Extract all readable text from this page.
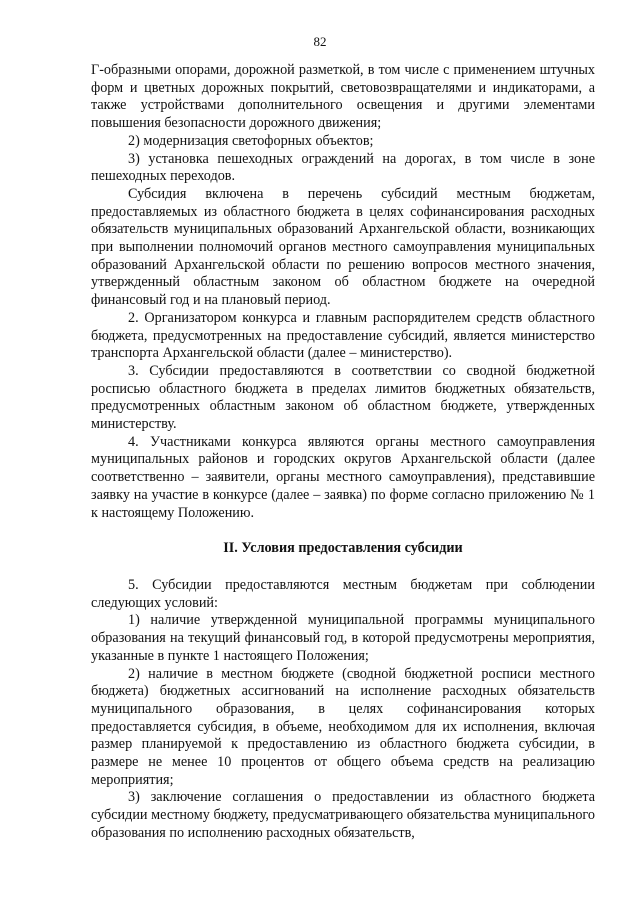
82

Г-образными опорами, дорожной разметкой, в том числе с применением штучных форм и цветных дорожных покрытий, световозвращателями и индикаторами, а также устройствами дополнительного освещения и другими элементами повышения безопасности дорожного движения;

2) модернизация светофорных объектов;

3) установка пешеходных ограждений на дорогах, в том числе в зоне пешеходных переходов.

Субсидия включена в перечень субсидий местным бюджетам, предоставляемых из областного бюджета в целях софинансирования расходных обязательств муниципальных образований Архангельской области, возникающих при выполнении полномочий органов местного самоуправления муниципальных образований Архангельской области по решению вопросов местного значения, утвержденный областным законом об областном бюджете на очередной финансовый год и на плановый период.

2. Организатором конкурса и главным распорядителем средств областного бюджета, предусмотренных на предоставление субсидий, является министерство транспорта Архангельской области (далее – министерство).

3. Субсидии предоставляются в соответствии со сводной бюджетной росписью областного бюджета в пределах лимитов бюджетных обязательств, предусмотренных областным законом об областном бюджете, утвержденных министерству.

4. Участниками конкурса являются органы местного самоуправления муниципальных районов и городских округов Архангельской области (далее соответственно – заявители, органы местного самоуправления), представившие заявку на участие в конкурсе (далее – заявка) по форме согласно приложению № 1 к настоящему Положению.

II. Условия предоставления субсидии

5. Субсидии предоставляются местным бюджетам при соблюдении следующих условий:

1) наличие утвержденной муниципальной программы муниципального образования на текущий финансовый год, в которой предусмотрены мероприятия, указанные в пункте 1 настоящего Положения;

2) наличие в местном бюджете (сводной бюджетной росписи местного бюджета) бюджетных ассигнований на исполнение расходных обязательств муниципального образования, в целях софинансирования которых предоставляется субсидия, в объеме, необходимом для их исполнения, включая размер планируемой к предоставлению из областного бюджета субсидии, в размере не менее 10 процентов от общего объема средств на реализацию мероприятия;

3) заключение соглашения о предоставлении из областного бюджета субсидии местному бюджету, предусматривающего обязательства муниципального образования по исполнению расходных обязательств,
